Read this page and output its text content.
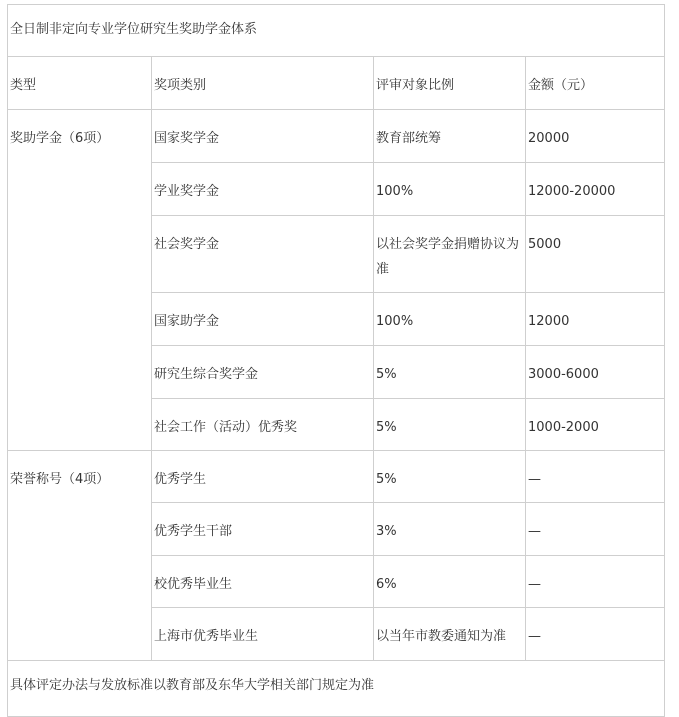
全日制非定向专业学位研究生奖助学金体系			
类型	奖项类别	评审对象比例	金额（元）
奖助学金（6项）	国家奖学金	教育部统筹	20000
	学业奖学金	100%	12000-20000
	社会奖学金	以社会奖学金捐赠协议为准	5000
	国家助学金	100%	12000
	研究生综合奖学金	5%	3000-6000
	社会工作（活动）优秀奖	5%	1000-2000
荣誉称号（4项）	优秀学生	5%	—
	优秀学生干部	3%	—
	校优秀毕业生	6%	—
	上海市优秀毕业生	以当年市教委通知为准	—
具体评定办法与发放标准以教育部及东华大学相关部门规定为准			
